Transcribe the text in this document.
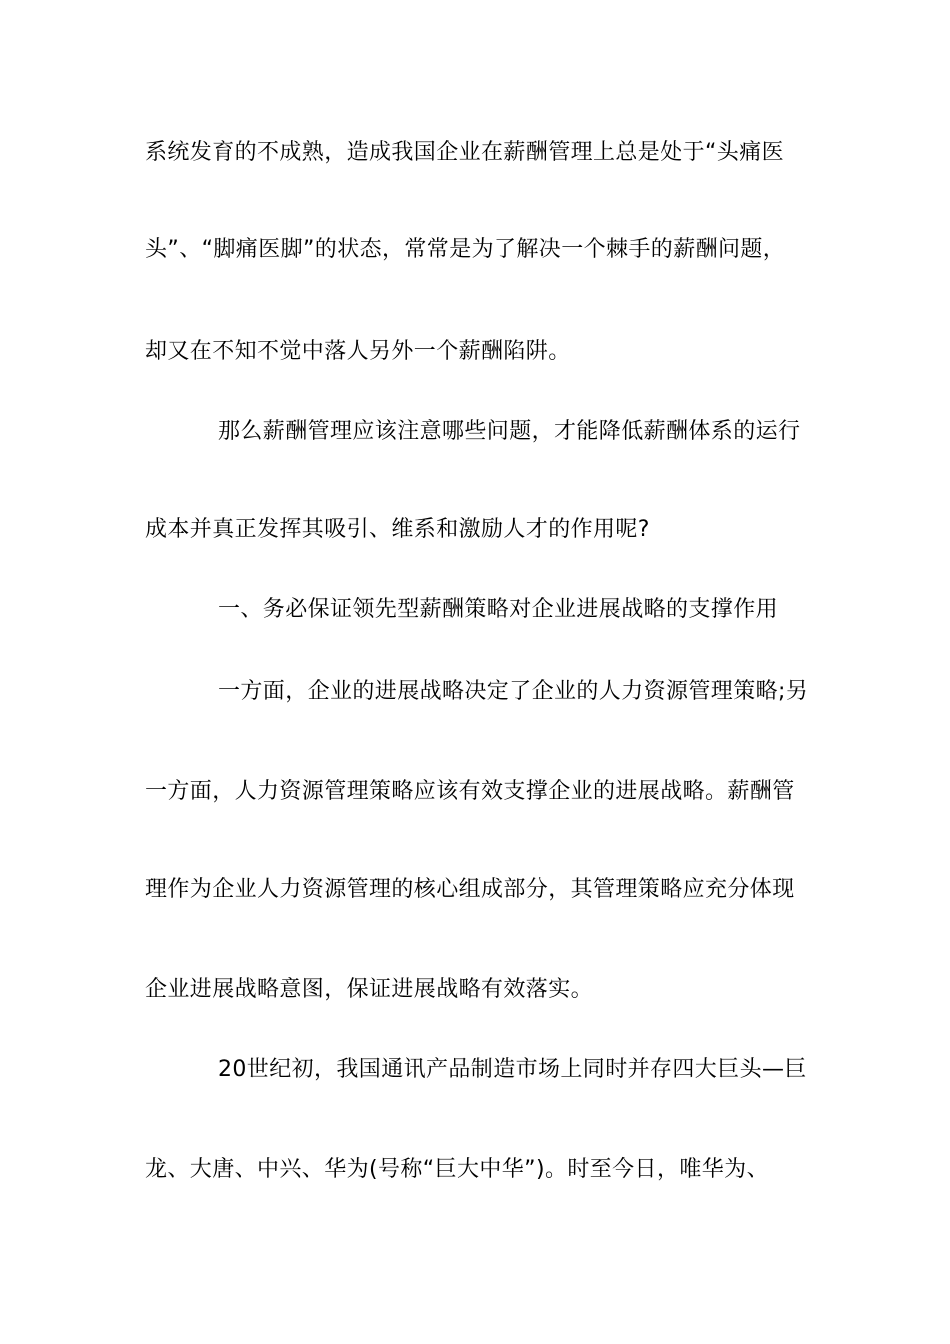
系统发育的不成熟，造成我国企业在薪酬管理上总是处于“头痛医
头”、“脚痛医脚”的状态，常常是为了解决一个棘手的薪酬问题，
却又在不知不觉中落人另外一个薪酬陷阱。
那么薪酬管理应该注意哪些问题，才能降低薪酬体系的运行
成本并真正发挥其吸引、维系和激励人才的作用呢?
一、务必保证领先型薪酬策略对企业进展战略的支撑作用
一方面，企业的进展战略决定了企业的人力资源管理策略;另
一方面，人力资源管理策略应该有效支撑企业的进展战略。薪酬管
理作为企业人力资源管理的核心组成部分，其管理策略应充分体现
企业进展战略意图，保证进展战略有效落实。
20世纪初，我国通讯产品制造市场上同时并存四大巨头—巨
龙、大唐、中兴、华为(号称“巨大中华”)。时至今日，唯华为、
